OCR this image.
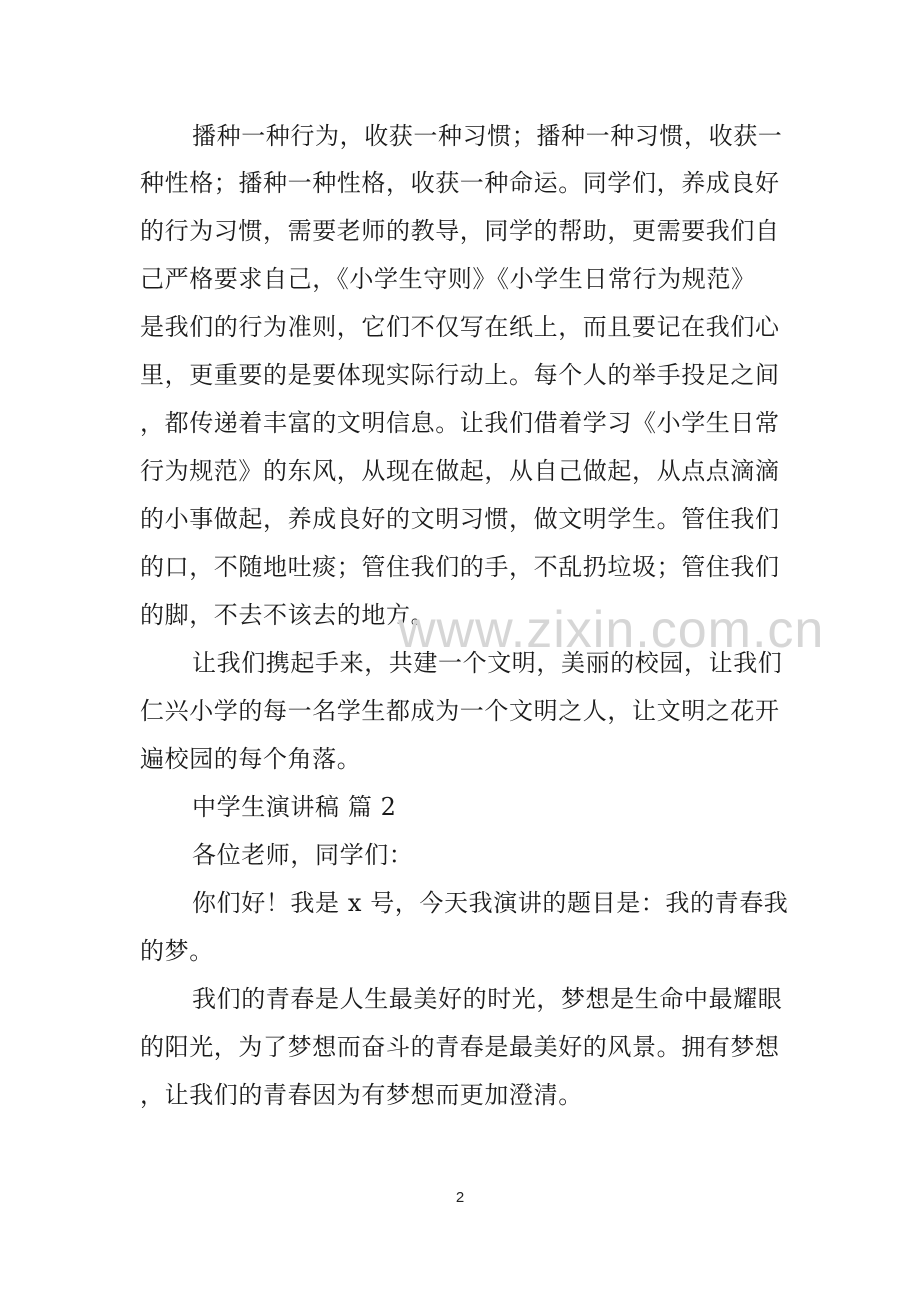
播种一种行为，收获一种习惯；播种一种习惯，收获一
种性格；播种一种性格，收获一种命运。同学们，养成良好
的行为习惯，需要老师的教导，同学的帮助，更需要我们自
己严格要求自己，《小学生守则》《小学生日常行为规范》
是我们的行为准则，它们不仅写在纸上，而且要记在我们心
里，更重要的是要体现实际行动上。每个人的举手投足之间
，都传递着丰富的文明信息。让我们借着学习《小学生日常
行为规范》的东风，从现在做起，从自己做起，从点点滴滴
的小事做起，养成良好的文明习惯，做文明学生。管住我们
的口，不随地吐痰；管住我们的手，不乱扔垃圾；管住我们
的脚，不去不该去的地方。
让我们携起手来，共建一个文明，美丽的校园，让我们
仁兴小学的每一名学生都成为一个文明之人，让文明之花开
遍校园的每个角落。
中学生演讲稿 篇 2
各位老师，同学们：
你们好！我是 x 号，今天我演讲的题目是：我的青春我
的梦。
我们的青春是人生最美好的时光，梦想是生命中最耀眼
的阳光，为了梦想而奋斗的青春是最美好的风景。拥有梦想
，让我们的青春因为有梦想而更加澄清。
www.zixin.com.cn
2
